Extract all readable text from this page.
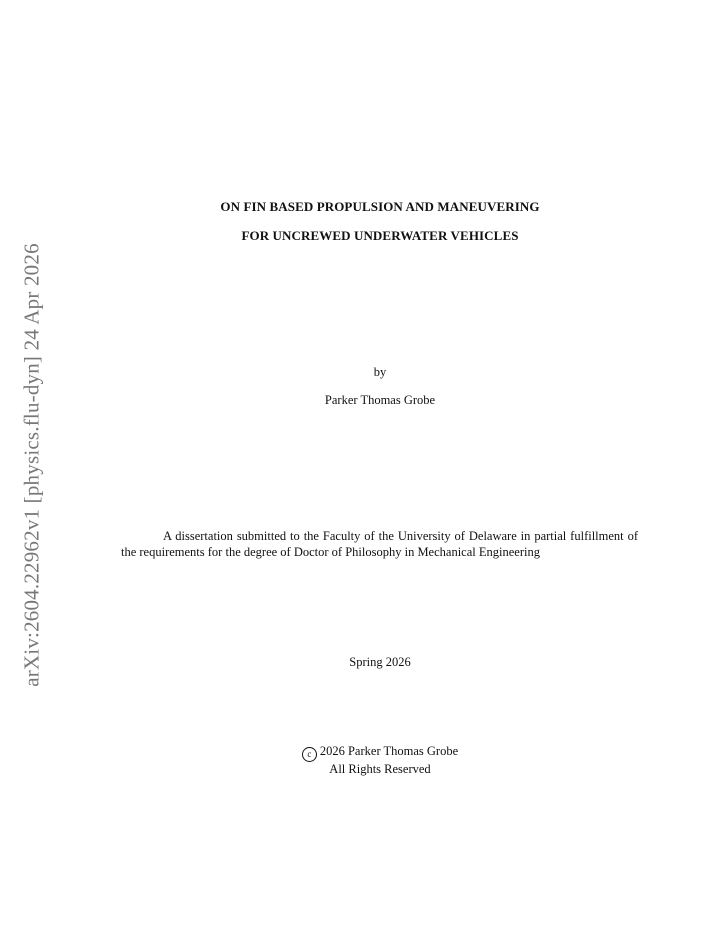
arXiv:2604.22962v1 [physics.flu-dyn] 24 Apr 2026
ON FIN BASED PROPULSION AND MANEUVERING
FOR UNCREWED UNDERWATER VEHICLES
by
Parker Thomas Grobe
A dissertation submitted to the Faculty of the University of Delaware in partial fulfillment of the requirements for the degree of Doctor of Philosophy in Mechanical Engineering
Spring 2026
c 2026 Parker Thomas Grobe
All Rights Reserved
